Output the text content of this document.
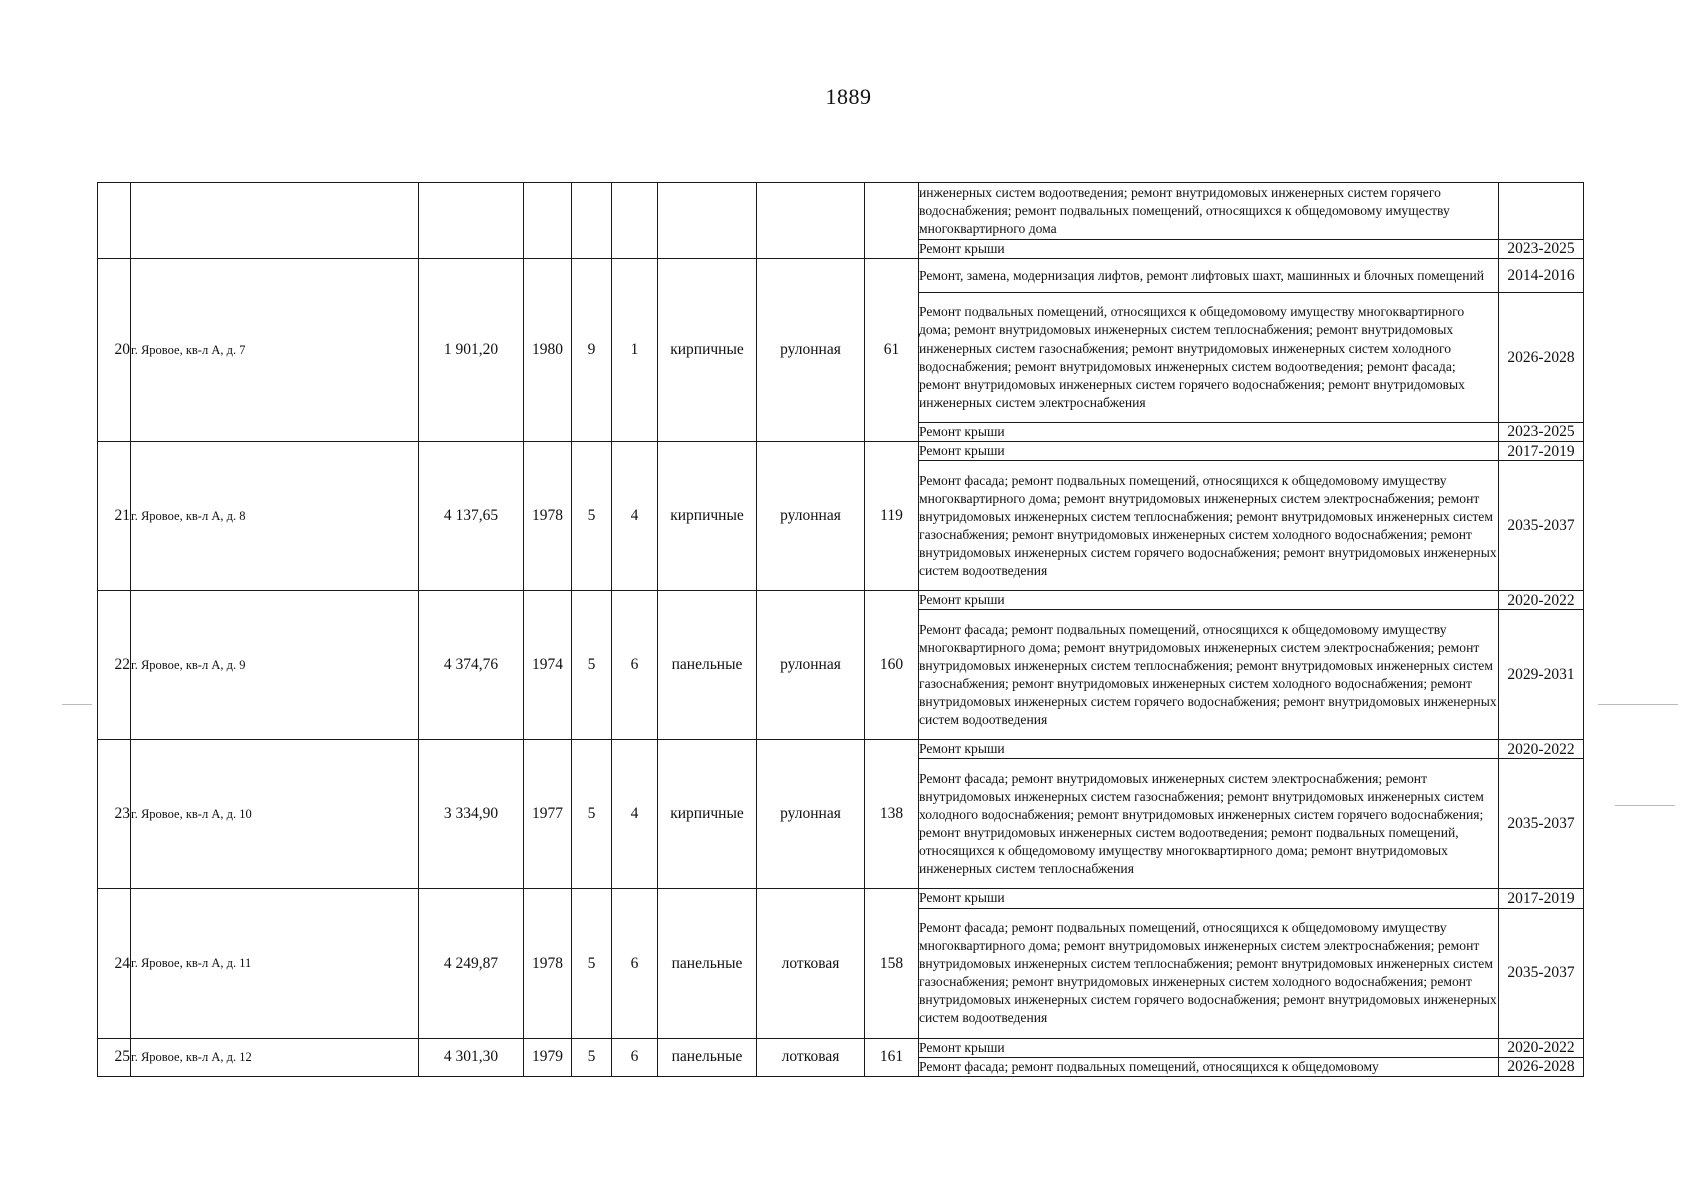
1889
									инженерных систем водоотведения; ремонт внутридомовых инженерных систем горячего водоснабжения; ремонт подвальных помещений, относящихся к общедомовому имуществу многоквартирного дома	
									Ремонт крыши	2023-2025
20	г. Яровое, кв-л А, д. 7	1 901,20	1980	9	1	кирпичные	рулонная	61	Ремонт, замена, модернизация лифтов, ремонт лифтовых шахт, машинных и блочных помещений	2014-2016
									Ремонт подвальных помещений, относящихся к общедомовому имуществу многоквартирного дома; ремонт внутридомовых инженерных систем теплоснабжения; ремонт внутридомовых инженерных систем газоснабжения; ремонт внутридомовых инженерных систем холодного водоснабжения; ремонт внутридомовых инженерных систем водоотведения; ремонт фасада; ремонт внутридомовых инженерных систем горячего водоснабжения; ремонт внутридомовых инженерных систем электроснабжения	2026-2028
									Ремонт крыши	2023-2025
21	г. Яровое, кв-л А, д. 8	4 137,65	1978	5	4	кирпичные	рулонная	119	Ремонт крыши	2017-2019
									Ремонт фасада; ремонт подвальных помещений, относящихся к общедомовому имуществу многоквартирного дома; ремонт внутридомовых инженерных систем электроснабжения; ремонт внутридомовых инженерных систем теплоснабжения; ремонт внутридомовых инженерных систем газоснабжения; ремонт внутридомовых инженерных систем холодного водоснабжения; ремонт внутридомовых инженерных систем горячего водоснабжения; ремонт внутридомовых инженерных систем водоотведения	2035-2037
22	г. Яровое, кв-л А, д. 9	4 374,76	1974	5	6	панельные	рулонная	160	Ремонт крыши	2020-2022
									Ремонт фасада; ремонт подвальных помещений, относящихся к общедомовому имуществу многоквартирного дома; ремонт внутридомовых инженерных систем электроснабжения; ремонт внутридомовых инженерных систем теплоснабжения; ремонт внутридомовых инженерных систем газоснабжения; ремонт внутридомовых инженерных систем холодного водоснабжения; ремонт внутридомовых инженерных систем горячего водоснабжения; ремонт внутридомовых инженерных систем водоотведения	2029-2031
23	г. Яровое, кв-л А, д. 10	3 334,90	1977	5	4	кирпичные	рулонная	138	Ремонт крыши	2020-2022
									Ремонт фасада; ремонт внутридомовых инженерных систем электроснабжения; ремонт внутридомовых инженерных систем газоснабжения; ремонт внутридомовых инженерных систем холодного водоснабжения; ремонт внутридомовых инженерных систем горячего водоснабжения; ремонт внутридомовых инженерных систем водоотведения; ремонт подвальных помещений, относящихся к общедомовому имуществу многоквартирного дома; ремонт внутридомовых инженерных систем теплоснабжения	2035-2037
24	г. Яровое, кв-л А, д. 11	4 249,87	1978	5	6	панельные	лотковая	158	Ремонт крыши	2017-2019
									Ремонт фасада; ремонт подвальных помещений, относящихся к общедомовому имуществу многоквартирного дома; ремонт внутридомовых инженерных систем электроснабжения; ремонт внутридомовых инженерных систем теплоснабжения; ремонт внутридомовых инженерных систем газоснабжения; ремонт внутридомовых инженерных систем холодного водоснабжения; ремонт внутридомовых инженерных систем горячего водоснабжения; ремонт внутридомовых инженерных систем водоотведения	2035-2037
25	г. Яровое, кв-л А, д. 12	4 301,30	1979	5	6	панельные	лотковая	161	Ремонт крыши	2020-2022
									Ремонт фасада; ремонт подвальных помещений, относящихся к общедомовому	2026-2028
